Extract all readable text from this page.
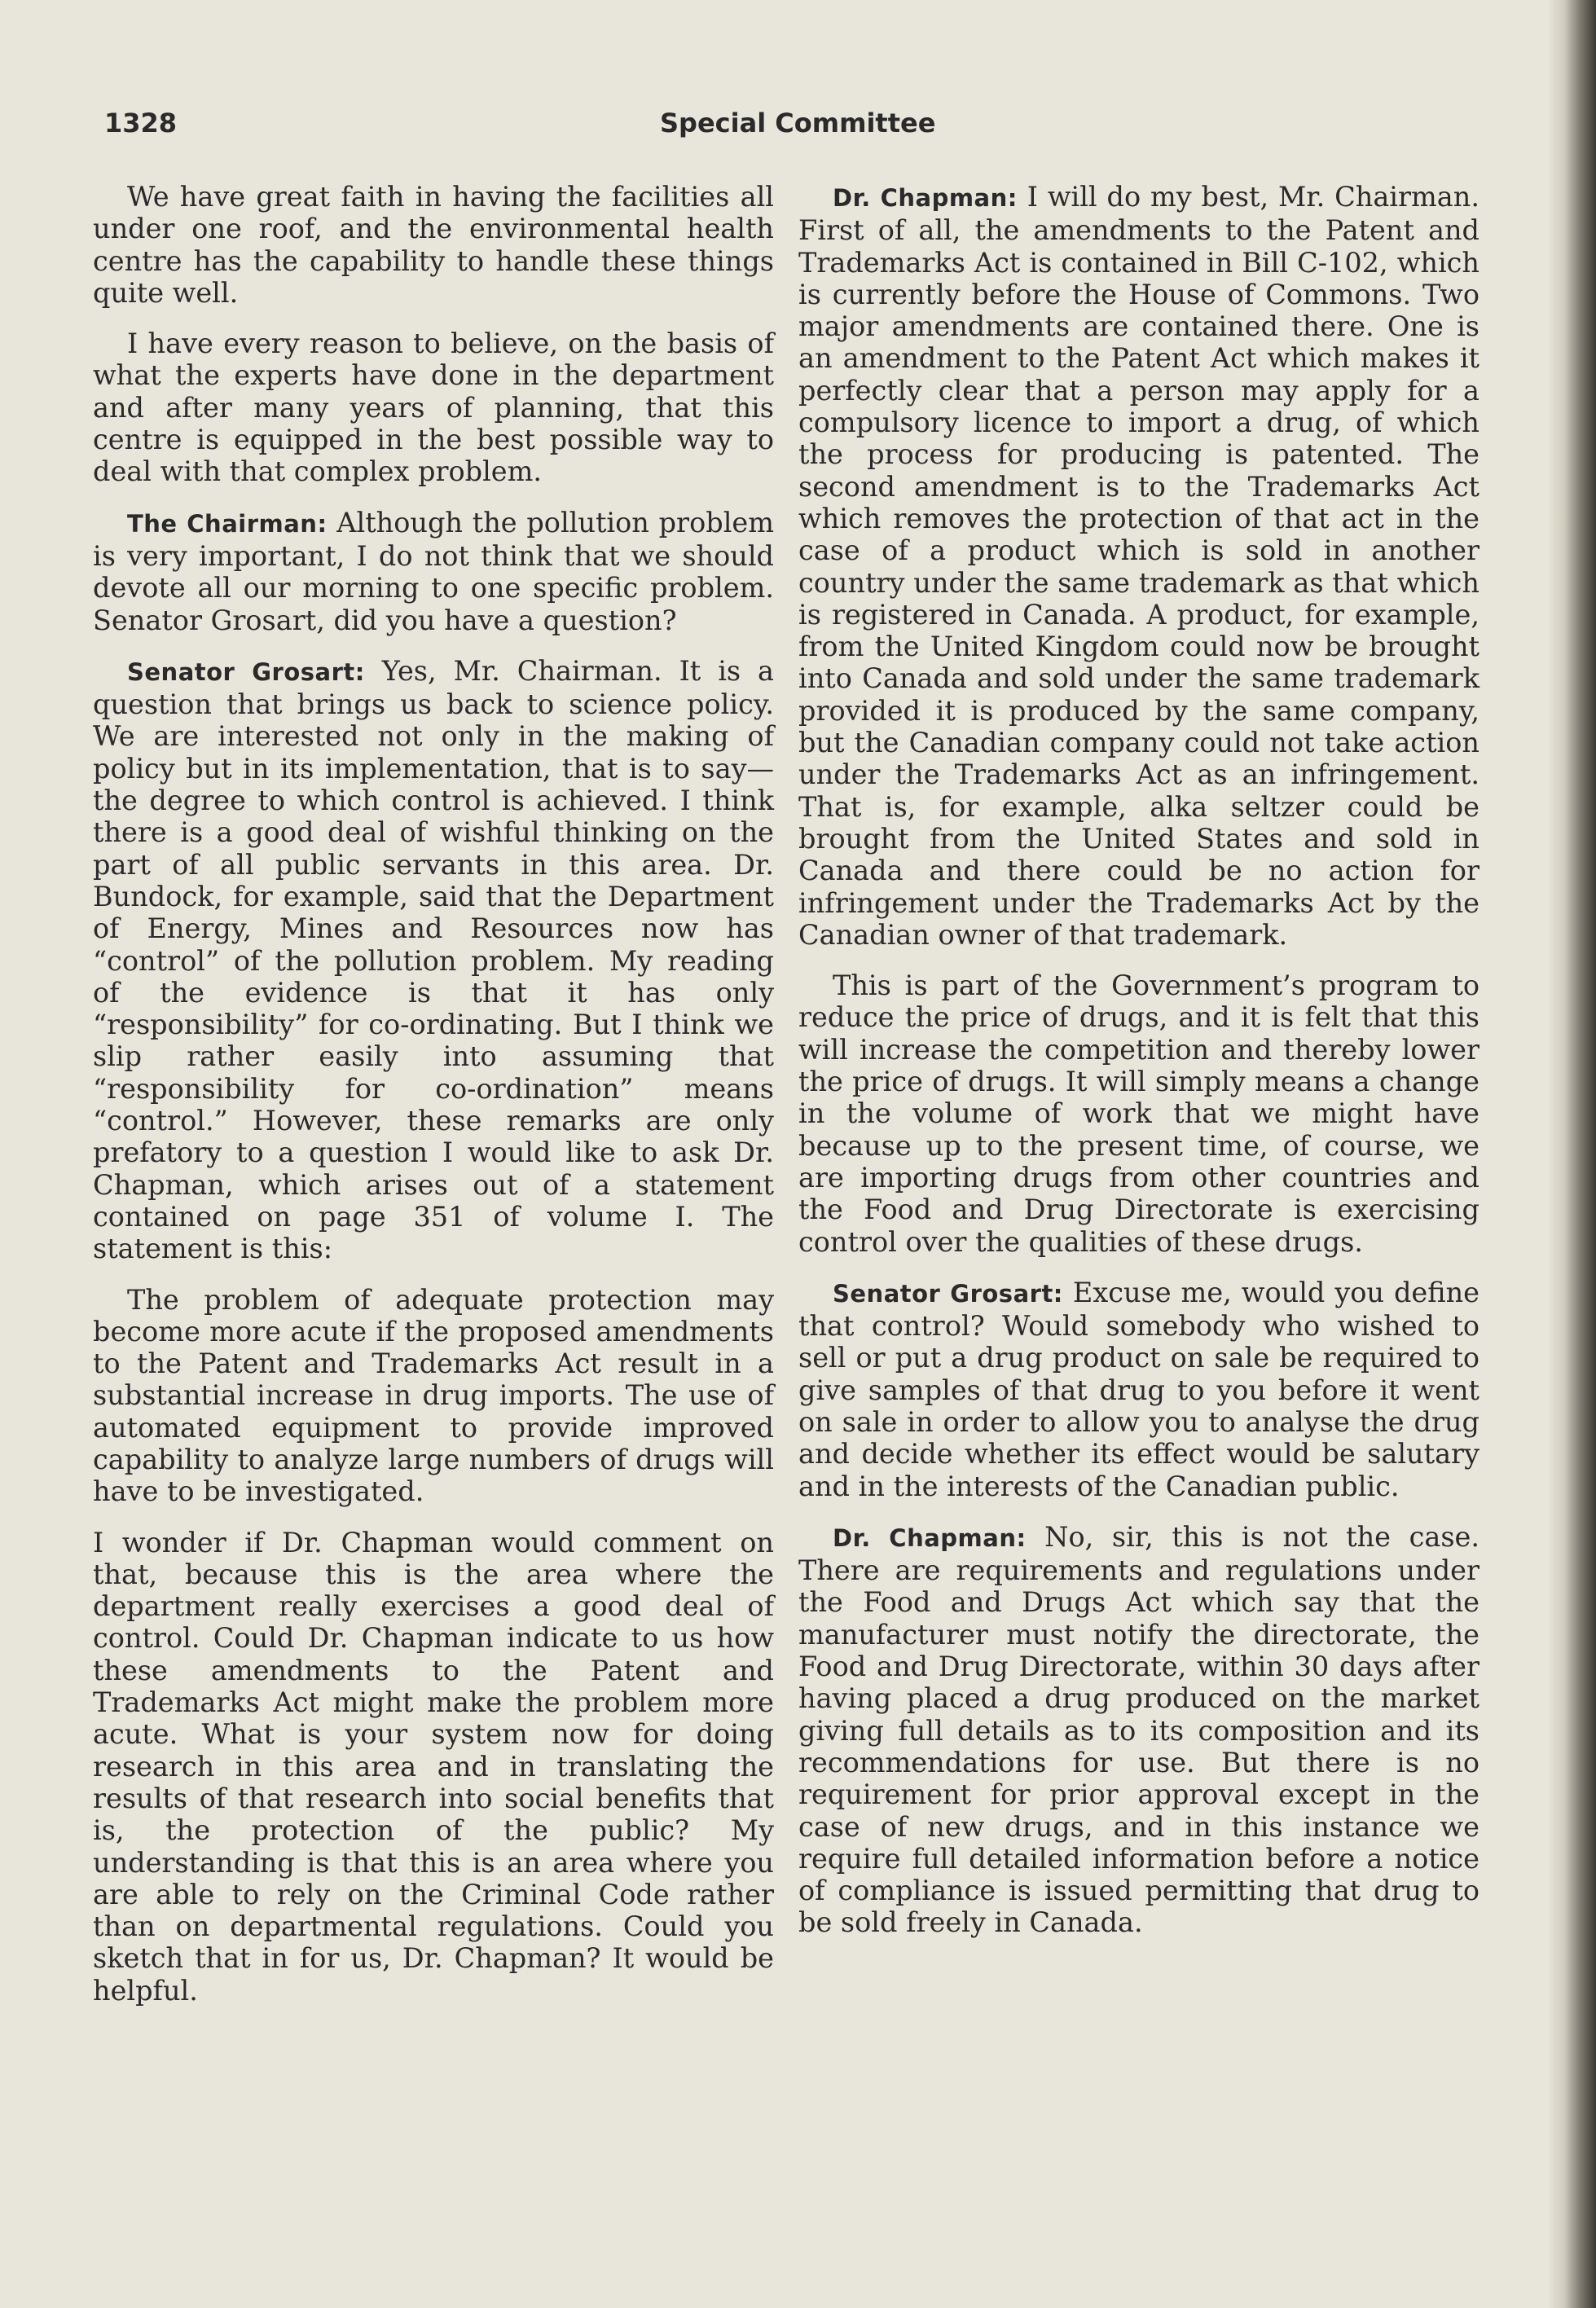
1328	Special Committee

We have great faith in having the facilities all under one roof, and the environmental health centre has the capability to handle these things quite well.

I have every reason to believe, on the basis of what the experts have done in the department and after many years of planning, that this centre is equipped in the best possible way to deal with that complex problem.

The Chairman: Although the pollution problem is very important, I do not think that we should devote all our morning to one specific problem. Senator Grosart, did you have a question?

Senator Grosart: Yes, Mr. Chairman. It is a question that brings us back to science policy. We are interested not only in the making of policy but in its implementation, that is to say—the degree to which control is achieved. I think there is a good deal of wishful thinking on the part of all public servants in this area. Dr. Bundock, for example, said that the Department of Energy, Mines and Resources now has “control” of the pollution problem. My reading of the evidence is that it has only “responsibility” for co-ordinating. But I think we slip rather easily into assuming that “responsibility for co-ordination” means “control.” However, these remarks are only prefatory to a question I would like to ask Dr. Chapman, which arises out of a statement contained on page 351 of volume I. The statement is this:

The problem of adequate protection may become more acute if the proposed amendments to the Patent and Trademarks Act result in a substantial increase in drug imports. The use of automated equipment to provide improved capability to analyze large numbers of drugs will have to be investigated.

I wonder if Dr. Chapman would comment on that, because this is the area where the department really exercises a good deal of control. Could Dr. Chapman indicate to us how these amendments to the Patent and Trademarks Act might make the problem more acute. What is your system now for doing research in this area and in translating the results of that research into social benefits that is, the protection of the public? My understanding is that this is an area where you are able to rely on the Criminal Code rather than on departmental regulations. Could you sketch that in for us, Dr. Chapman? It would be helpful.

Dr. Chapman: I will do my best, Mr. Chairman. First of all, the amendments to the Patent and Trademarks Act is contained in Bill C-102, which is currently before the House of Commons. Two major amendments are contained there. One is an amendment to the Patent Act which makes it perfectly clear that a person may apply for a compulsory licence to import a drug, of which the process for producing is patented. The second amendment is to the Trademarks Act which removes the protection of that act in the case of a product which is sold in another country under the same trademark as that which is registered in Canada. A product, for example, from the United Kingdom could now be brought into Canada and sold under the same trademark provided it is produced by the same company, but the Canadian company could not take action under the Trademarks Act as an infringement. That is, for example, alka seltzer could be brought from the United States and sold in Canada and there could be no action for infringement under the Trademarks Act by the Canadian owner of that trademark.

This is part of the Government’s program to reduce the price of drugs, and it is felt that this will increase the competition and thereby lower the price of drugs. It will simply means a change in the volume of work that we might have because up to the present time, of course, we are importing drugs from other countries and the Food and Drug Directorate is exercising control over the qualities of these drugs.

Senator Grosart: Excuse me, would you define that control? Would somebody who wished to sell or put a drug product on sale be required to give samples of that drug to you before it went on sale in order to allow you to analyse the drug and decide whether its effect would be salutary and in the interests of the Canadian public.

Dr. Chapman: No, sir, this is not the case. There are requirements and regulations under the Food and Drugs Act which say that the manufacturer must notify the directorate, the Food and Drug Directorate, within 30 days after having placed a drug produced on the market giving full details as to its composition and its recommendations for use. But there is no requirement for prior approval except in the case of new drugs, and in this instance we require full detailed information before a notice of compliance is issued permitting that drug to be sold freely in Canada.
